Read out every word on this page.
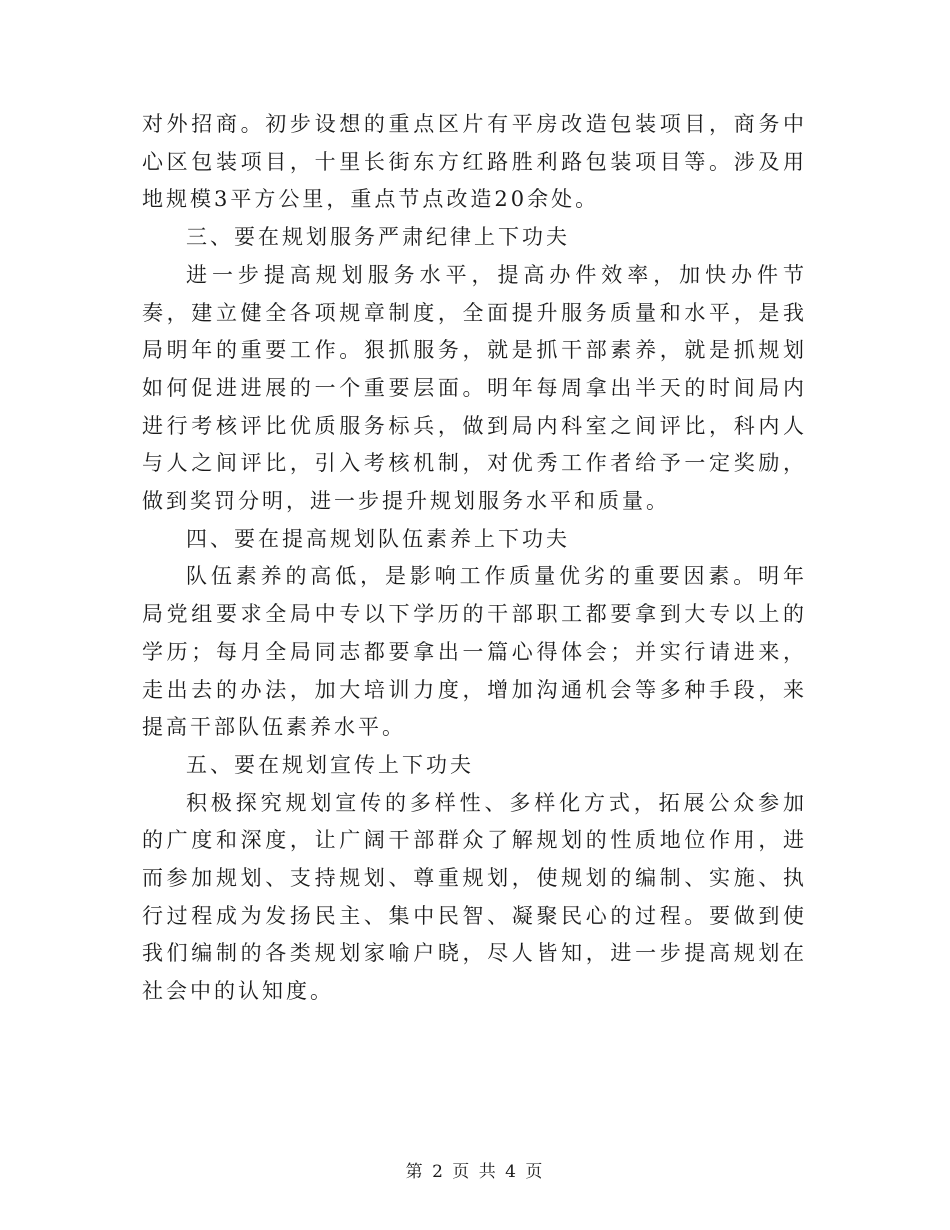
对外招商。初步设想的重点区片有平房改造包装项目，商务中心区包装项目，十里长街东方红路胜利路包装项目等。涉及用地规模3平方公里，重点节点改造20余处。

三、要在规划服务严肃纪律上下功夫

进一步提高规划服务水平，提高办件效率，加快办件节奏，建立健全各项规章制度，全面提升服务质量和水平，是我局明年的重要工作。狠抓服务，就是抓干部素养，就是抓规划如何促进进展的一个重要层面。明年每周拿出半天的时间局内进行考核评比优质服务标兵，做到局内科室之间评比，科内人与人之间评比，引入考核机制，对优秀工作者给予一定奖励，做到奖罚分明，进一步提升规划服务水平和质量。

四、要在提高规划队伍素养上下功夫

队伍素养的高低，是影响工作质量优劣的重要因素。明年局党组要求全局中专以下学历的干部职工都要拿到大专以上的学历；每月全局同志都要拿出一篇心得体会；并实行请进来，走出去的办法，加大培训力度，增加沟通机会等多种手段，来提高干部队伍素养水平。

五、要在规划宣传上下功夫

积极探究规划宣传的多样性、多样化方式，拓展公众参加的广度和深度，让广阔干部群众了解规划的性质地位作用，进而参加规划、支持规划、尊重规划，使规划的编制、实施、执行过程成为发扬民主、集中民智、凝聚民心的过程。要做到使我们编制的各类规划家喻户晓，尽人皆知，进一步提高规划在社会中的认知度。

第 2 页 共 4 页
